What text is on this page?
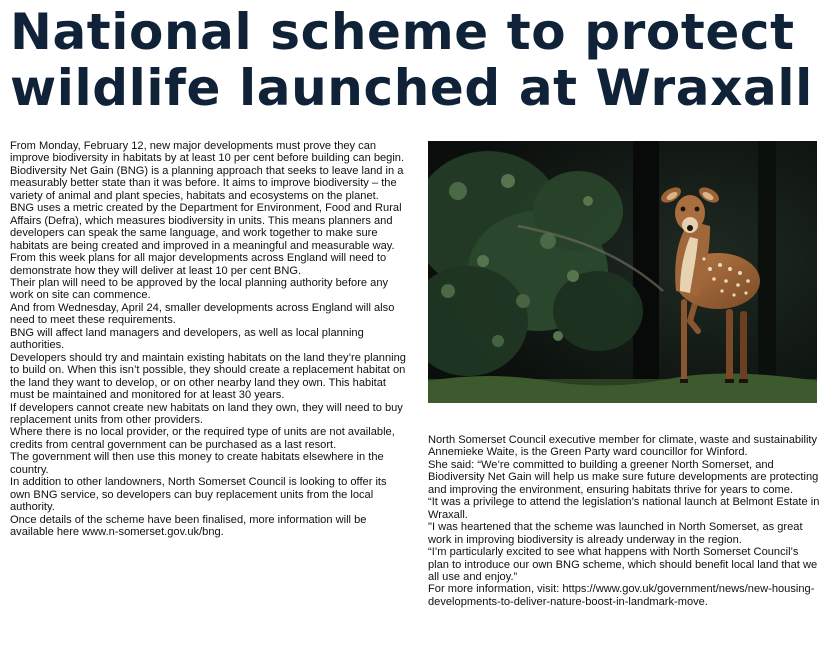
National scheme to protect
wildlife launched at Wraxall

From Monday, February 12, new major developments must prove they can improve biodiversity in habitats by at least 10 per cent before building can begin.

Biodiversity Net Gain (BNG) is a planning approach that seeks to leave land in a measurably better state than it was before. It aims to improve biodiversity – the variety of animal and plant species, habitats and ecosystems on the planet.

BNG uses a metric created by the Department for Environment, Food and Rural Affairs (Defra), which measures biodiversity in units. This means planners and developers can speak the same language, and work together to make sure habitats are being created and improved in a meaningful and measurable way.

From this week plans for all major developments across England will need to demonstrate how they will deliver at least 10 per cent BNG.

Their plan will need to be approved by the local planning authority before any work on site can commence.

And from Wednesday, April 24, smaller developments across England will also need to meet these requirements.

BNG will affect land managers and developers, as well as local planning authorities.

Developers should try and maintain existing habitats on the land they’re planning to build on. When this isn’t possible, they should create a replacement habitat on the land they want to develop, or on other nearby land they own. This habitat must be maintained and monitored for at least 30 years.

If developers cannot create new habitats on land they own, they will need to buy replacement units from other providers.

Where there is no local provider, or the required type of units are not available, credits from central government can be purchased as a last resort.

The government will then use this money to create habitats elsewhere in the country.

In addition to other landowners, North Somerset Council is looking to offer its own BNG service, so developers can buy replacement units from the local authority.

Once details of the scheme have been finalised, more information will be available here www.n-somerset.gov.uk/bng.

North Somerset Council executive member for climate, waste and sustainability Annemieke Waite, is the Green Party ward councillor for Winford.

She said: “We’re committed to building a greener North Somerset, and Biodiversity Net Gain will help us make sure future developments are protecting and improving the environment, ensuring habitats thrive for years to come.

“It was a privilege to attend the legislation’s national launch at Belmont Estate in Wraxall.

"I was heartened that the scheme was launched in North Somerset, as great work in improving biodiversity is already underway in the region.

“I’m particularly excited to see what happens with North Somerset Council’s plan to introduce our own BNG scheme, which should benefit local land that we all use and enjoy.”

For more information, visit: https://www.gov.uk/government/news/new-housing-developments-to-deliver-nature-boost-in-landmark-move.
